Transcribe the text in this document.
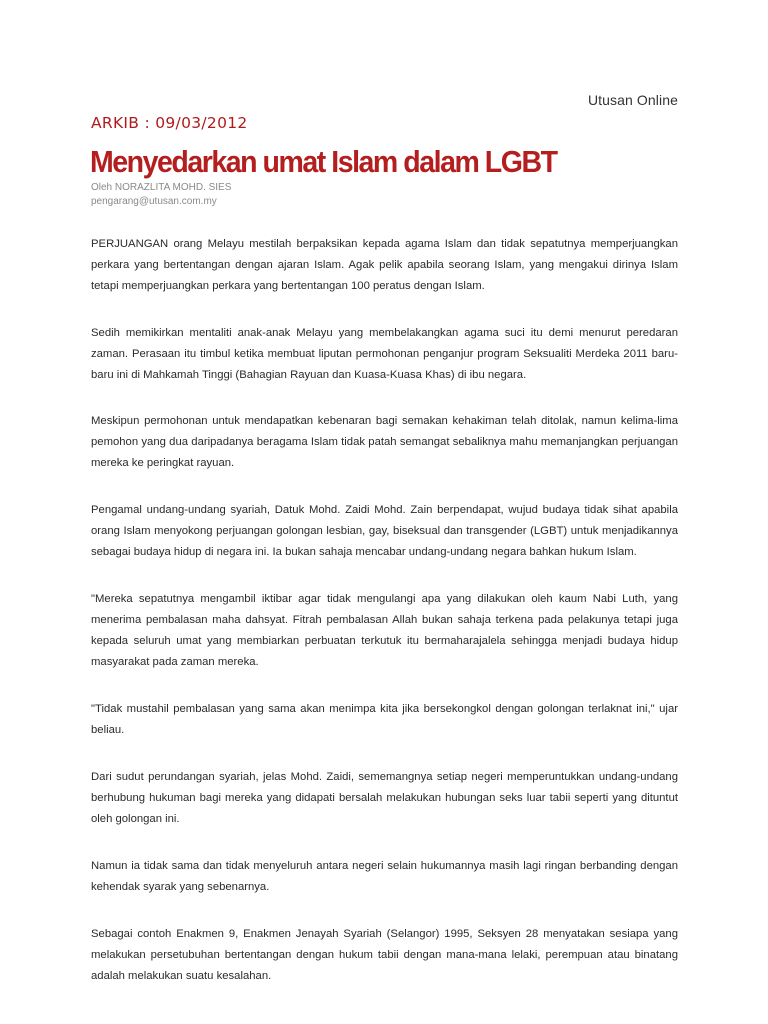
Utusan Online
ARKIB : 09/03/2012
Menyedarkan umat Islam dalam LGBT
Oleh NORAZLITA MOHD. SIES
pengarang@utusan.com.my

PERJUANGAN orang Melayu mestilah berpaksikan kepada agama Islam dan tidak sepatutnya memperjuangkan perkara yang bertentangan dengan ajaran Islam. Agak pelik apabila seorang Islam, yang mengakui dirinya Islam tetapi memperjuangkan perkara yang bertentangan 100 peratus dengan Islam.

Sedih memikirkan mentaliti anak-anak Melayu yang membelakangkan agama suci itu demi menurut peredaran zaman. Perasaan itu timbul ketika membuat liputan permohonan penganjur program Seksualiti Merdeka 2011 baru-baru ini di Mahkamah Tinggi (Bahagian Rayuan dan Kuasa-Kuasa Khas) di ibu negara.

Meskipun permohonan untuk mendapatkan kebenaran bagi semakan kehakiman telah ditolak, namun kelima-lima pemohon yang dua daripadanya beragama Islam tidak patah semangat sebaliknya mahu memanjangkan perjuangan mereka ke peringkat rayuan.

Pengamal undang-undang syariah, Datuk Mohd. Zaidi Mohd. Zain berpendapat, wujud budaya tidak sihat apabila orang Islam menyokong perjuangan golongan lesbian, gay, biseksual dan transgender (LGBT) untuk menjadikannya sebagai budaya hidup di negara ini. Ia bukan sahaja mencabar undang-undang negara bahkan hukum Islam.

"Mereka sepatutnya mengambil iktibar agar tidak mengulangi apa yang dilakukan oleh kaum Nabi Luth, yang menerima pembalasan maha dahsyat. Fitrah pembalasan Allah bukan sahaja terkena pada pelakunya tetapi juga kepada seluruh umat yang membiarkan perbuatan terkutuk itu bermaharajalela sehingga menjadi budaya hidup masyarakat pada zaman mereka.

"Tidak mustahil pembalasan yang sama akan menimpa kita jika bersekongkol dengan golongan terlaknat ini," ujar beliau.

Dari sudut perundangan syariah, jelas Mohd. Zaidi, sememangnya setiap negeri memperuntukkan undang-undang berhubung hukuman bagi mereka yang didapati bersalah melakukan hubungan seks luar tabii seperti yang dituntut oleh golongan ini.

Namun ia tidak sama dan tidak menyeluruh antara negeri selain hukumannya masih lagi ringan berbanding dengan kehendak syarak yang sebenarnya.

Sebagai contoh Enakmen 9, Enakmen Jenayah Syariah (Selangor) 1995, Seksyen 28 menyatakan sesiapa yang melakukan persetubuhan bertentangan dengan hukum tabii dengan mana-mana lelaki, perempuan atau binatang adalah melakukan suatu kesalahan.
